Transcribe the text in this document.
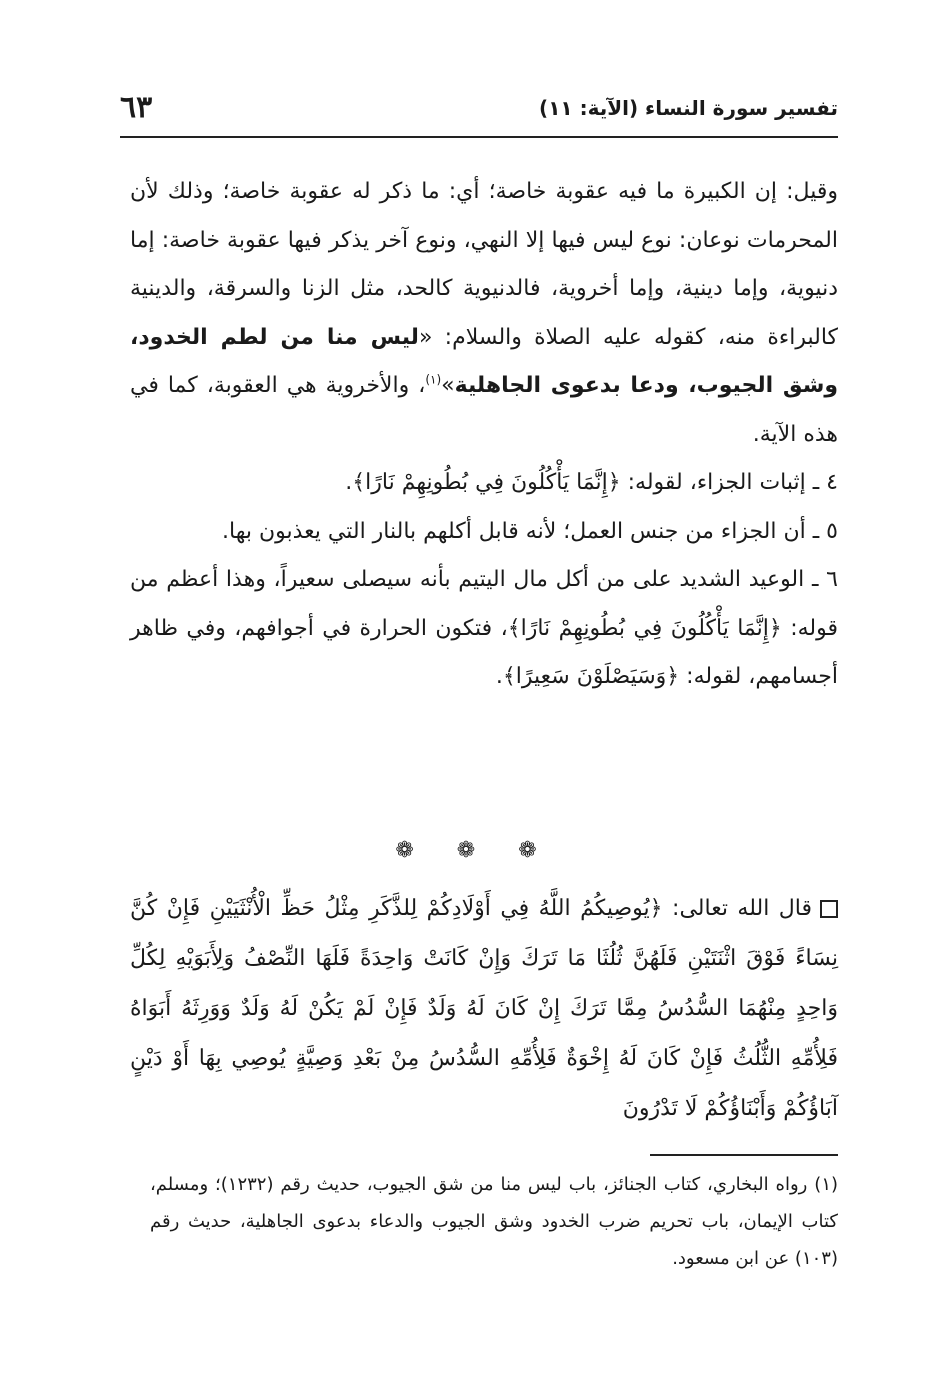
تفسير سورة النساء (الآية: ١١)
٦٣

وقيل: إن الكبيرة ما فيه عقوبة خاصة؛ أي: ما ذكر له عقوبة خاصة؛ وذلك لأن المحرمات نوعان: نوع ليس فيها إلا النهي، ونوع آخر يذكر فيها عقوبة خاصة: إما دنيوية، وإما دينية، وإما أخروية، فالدنيوية كالحد، مثل الزنا والسرقة، والدينية كالبراءة منه، كقوله عليه الصلاة والسلام: «ليس منا من لطم الخدود، وشق الجيوب، ودعا بدعوى الجاهلية»$^{(١)}$، والأخروية هي العقوبة، كما في هذه الآية.

٤ ـ إثبات الجزاء، لقوله: ﴿إِنَّمَا يَأْكُلُونَ فِي بُطُونِهِمْ نَارًا﴾.

٥ ـ أن الجزاء من جنس العمل؛ لأنه قابل أكلهم بالنار التي يعذبون بها.

٦ ـ الوعيد الشديد على من أكل مال اليتيم بأنه سيصلى سعيراً، وهذا أعظم من قوله: ﴿إِنَّمَا يَأْكُلُونَ فِي بُطُونِهِمْ نَارًا﴾، فتكون الحرارة في أجوافهم، وفي ظاهر أجسامهم، لقوله: ﴿وَسَيَصْلَوْنَ سَعِيرًا﴾.

❁ ❁ ❁
قال الله تعالى: ﴿يُوصِيكُمُ اللَّهُ فِي أَوْلَادِكُمْ لِلذَّكَرِ مِثْلُ حَظِّ الْأُنْثَيَيْنِ فَإِنْ كُنَّ نِسَاءً فَوْقَ اثْنَتَيْنِ فَلَهُنَّ ثُلُثَا مَا تَرَكَ وَإِنْ كَانَتْ وَاحِدَةً فَلَهَا النِّصْفُ وَلِأَبَوَيْهِ لِكُلِّ وَاحِدٍ مِنْهُمَا السُّدُسُ مِمَّا تَرَكَ إِنْ كَانَ لَهُ وَلَدٌ فَإِنْ لَمْ يَكُنْ لَهُ وَلَدٌ وَوَرِثَهُ أَبَوَاهُ فَلِأُمِّهِ الثُّلُثُ فَإِنْ كَانَ لَهُ إِخْوَةٌ فَلِأُمِّهِ السُّدُسُ مِنْ بَعْدِ وَصِيَّةٍ يُوصِي بِهَا أَوْ دَيْنٍ آبَاؤُكُمْ وَأَبْنَاؤُكُمْ لَا تَدْرُونَ
(١) رواه البخاري، كتاب الجنائز، باب ليس منا من شق الجيوب، حديث رقم (١٢٣٢)؛ ومسلم، كتاب الإيمان، باب تحريم ضرب الخدود وشق الجيوب والدعاء بدعوى الجاهلية، حديث رقم (١٠٣) عن ابن مسعود.
